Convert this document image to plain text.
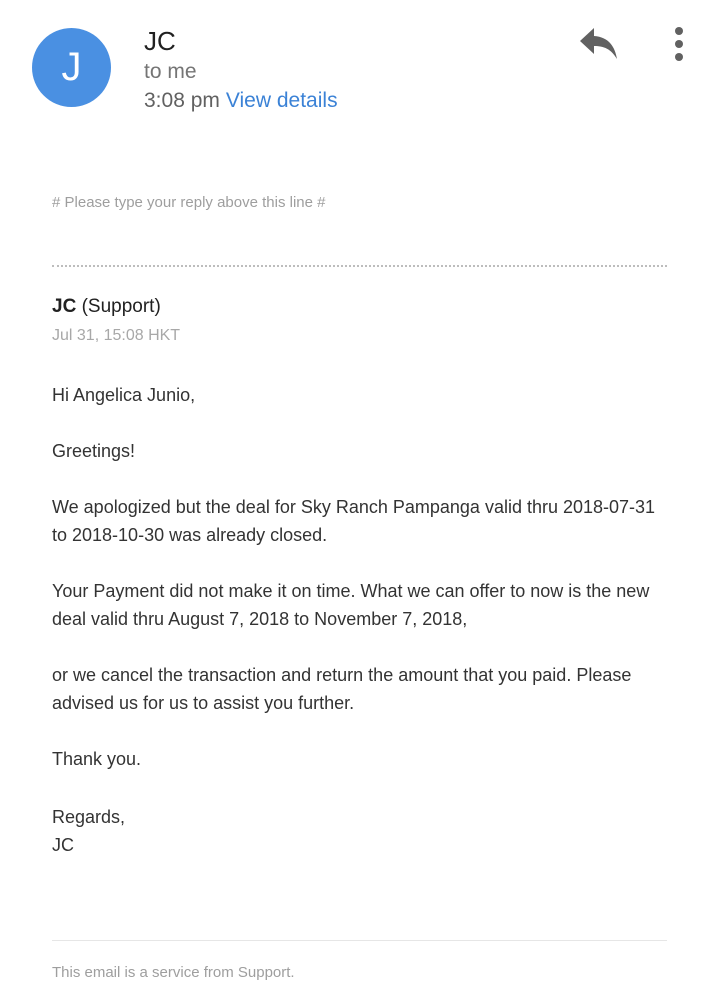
J
JC
to me
3:08 pm View details
# Please type your reply above this line #
JC (Support)
Jul 31, 15:08 HKT

Hi Angelica Junio,

Greetings!

We apologized but the deal for Sky Ranch Pampanga valid thru 2018-07-31 to 2018-10-30 was already closed.

Your Payment did not make it on time. What we can offer to now is the new deal valid thru August 7, 2018 to November 7, 2018,

or we cancel the transaction and return the amount that you paid. Please advised us for us to assist you further.

Thank you.

Regards,

JC

This email is a service from Support.
